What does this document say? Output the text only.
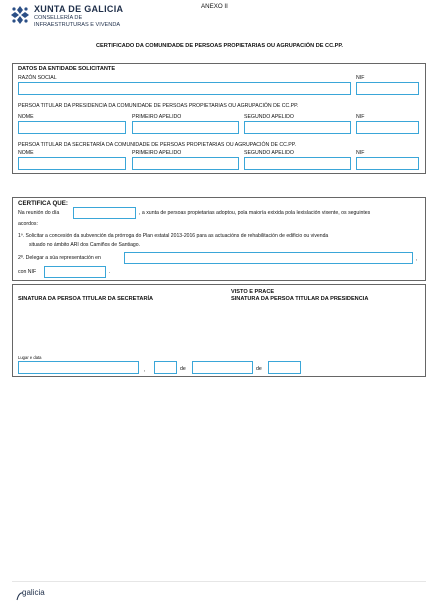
XUNTA DE GALICIA
CONSELLERÍA DE
INFRAESTRUTURAS E VIVENDA
ANEXO II
CERTIFICADO DA COMUNIDADE DE PERSOAS PROPIETARIAS OU AGRUPACIÓN DE CC.PP.
DATOS DA ENTIDADE SOLICITANTE
RAZÓN SOCIAL	NIF
PERSOA TITULAR DA PRESIDENCIA DA COMUNIDADE DE PERSOAS PROPIETARIAS OU AGRUPACIÓN DE CC.PP.
NOME	PRIMEIRO APELIDO	SEGUNDO APELIDO	NIF
PERSOA TITULAR DA SECRETARÍA DA COMUNIDADE DE PERSOAS PROPIETARIAS OU AGRUPACIÓN DE CC.PP.
NOME	PRIMEIRO APELIDO	SEGUNDO APELIDO	NIF
CERTIFICA QUE:
Na reunión do día	, a xunta de persoas propietarias adoptou, pola maioría exixida pola lexislación vixente, os seguintes
acordos:
1º. Solicitar a concesión da subvención da prórroga do Plan estatal 2013-2016 para as actuacións de rehabilitación de edificio ou vivenda
situado no ámbito ARI dos Camiños de Santiago.
2º. Delegar a súa representación en	,
con NIF	.
SINATURA DA PERSOA TITULAR DA SECRETARÍA
VISTO E PRACE
SINATURA DA PERSOA TITULAR DA PRESIDENCIA
Lugar e data
,	de	de
galicia
